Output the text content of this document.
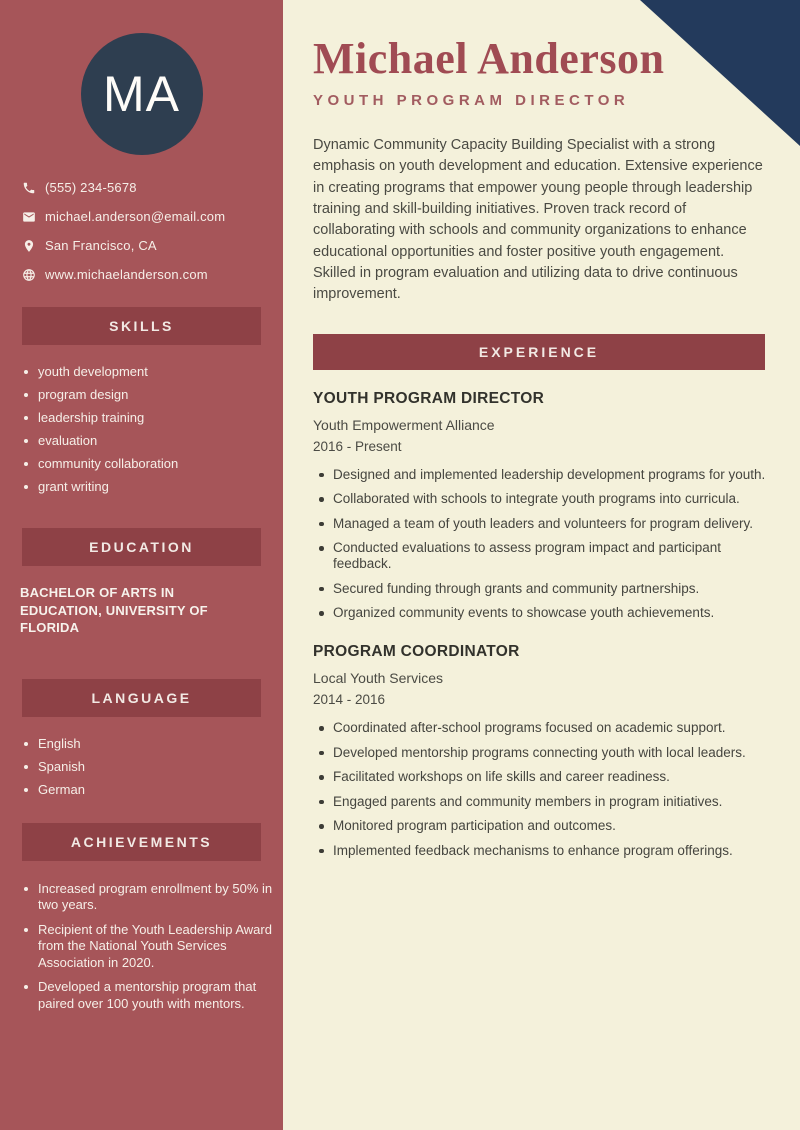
MA
(555) 234-5678
michael.anderson@email.com
San Francisco, CA
www.michaelanderson.com
SKILLS
youth development
program design
leadership training
evaluation
community collaboration
grant writing
EDUCATION
BACHELOR OF ARTS IN EDUCATION, UNIVERSITY OF FLORIDA
LANGUAGE
English
Spanish
German
ACHIEVEMENTS
Increased program enrollment by 50% in two years.
Recipient of the Youth Leadership Award from the National Youth Services Association in 2020.
Developed a mentorship program that paired over 100 youth with mentors.
Michael Anderson
YOUTH PROGRAM DIRECTOR

Dynamic Community Capacity Building Specialist with a strong emphasis on youth development and education. Extensive experience in creating programs that empower young people through leadership training and skill-building initiatives. Proven track record of collaborating with schools and community organizations to enhance educational opportunities and foster positive youth engagement. Skilled in program evaluation and utilizing data to drive continuous improvement.

EXPERIENCE
YOUTH PROGRAM DIRECTOR
Youth Empowerment Alliance
2016 - Present
Designed and implemented leadership development programs for youth.
Collaborated with schools to integrate youth programs into curricula.
Managed a team of youth leaders and volunteers for program delivery.
Conducted evaluations to assess program impact and participant feedback.
Secured funding through grants and community partnerships.
Organized community events to showcase youth achievements.
PROGRAM COORDINATOR
Local Youth Services
2014 - 2016
Coordinated after-school programs focused on academic support.
Developed mentorship programs connecting youth with local leaders.
Facilitated workshops on life skills and career readiness.
Engaged parents and community members in program initiatives.
Monitored program participation and outcomes.
Implemented feedback mechanisms to enhance program offerings.
